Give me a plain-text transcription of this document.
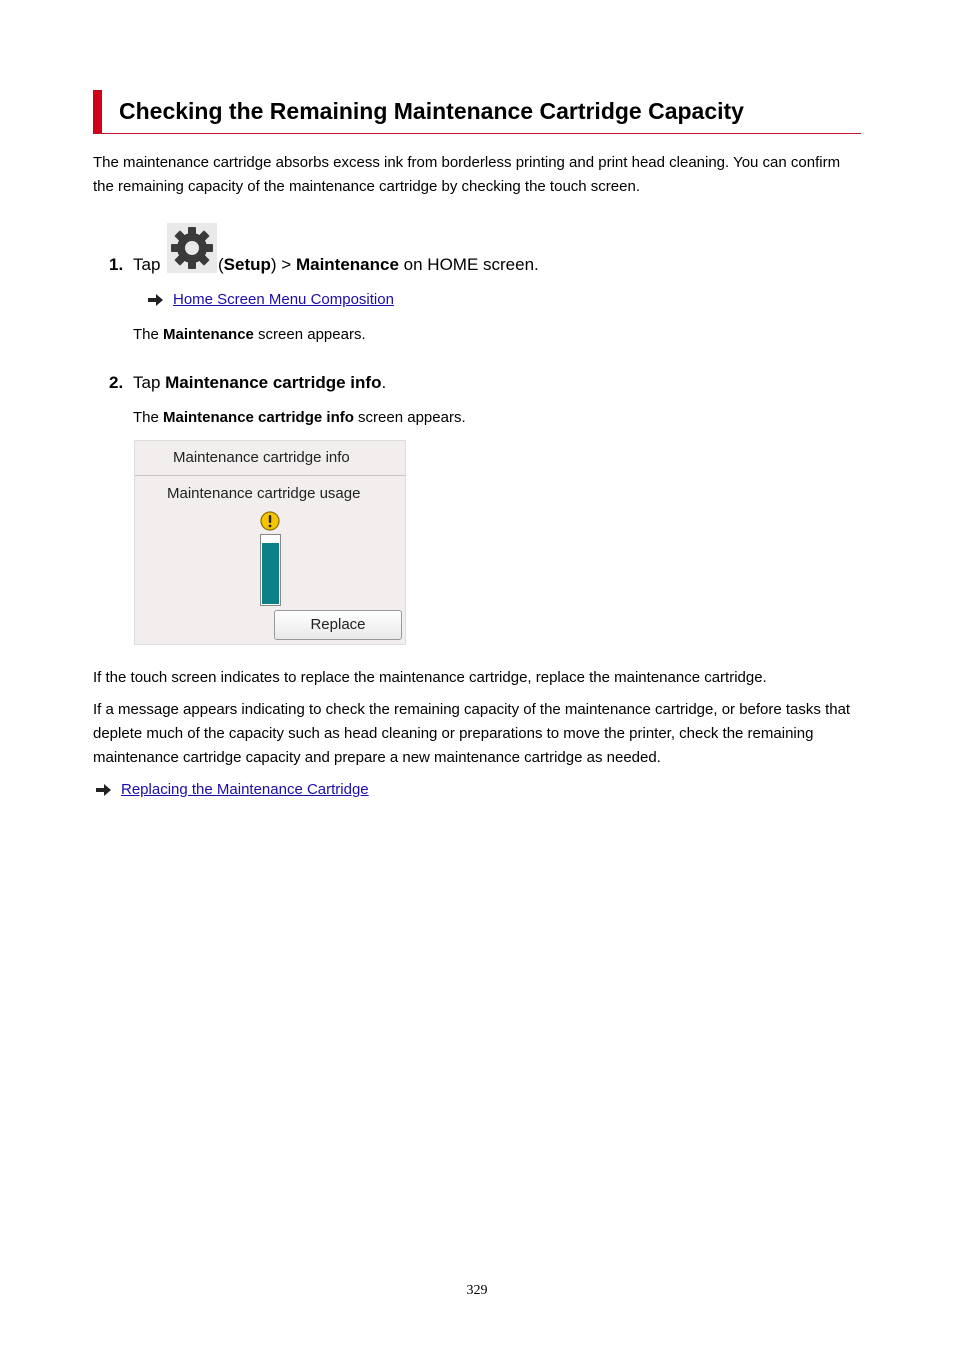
Checking the Remaining Maintenance Cartridge Capacity

The maintenance cartridge absorbs excess ink from borderless printing and print head cleaning. You can confirm the remaining capacity of the maintenance cartridge by checking the touch screen.

1. Tap	(Setup) > Maintenance on HOME screen.
Home Screen Menu Composition
The Maintenance screen appears.
2. Tap Maintenance cartridge info.
The Maintenance cartridge info screen appears.
Maintenance cartridge info
Maintenance cartridge usage
Replace

If the touch screen indicates to replace the maintenance cartridge, replace the maintenance cartridge.

If a message appears indicating to check the remaining capacity of the maintenance cartridge, or before tasks that deplete much of the capacity such as head cleaning or preparations to move the printer, check the remaining maintenance cartridge capacity and prepare a new maintenance cartridge as needed.

Replacing the Maintenance Cartridge
329
